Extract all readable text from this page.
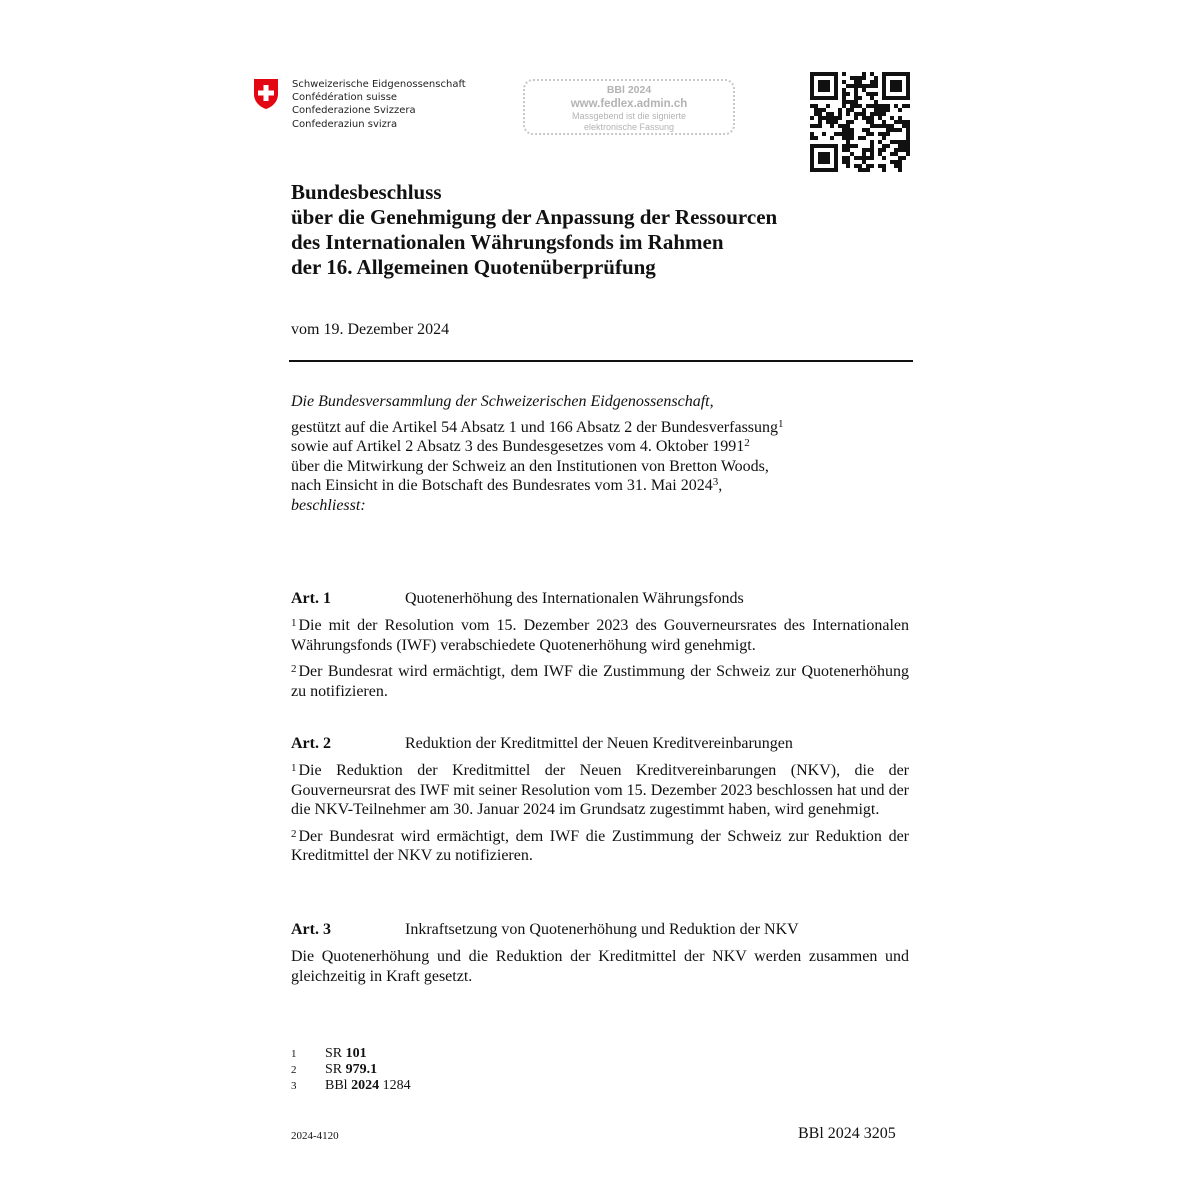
Schweizerische Eidgenossenschaft
Confédération suisse
Confederazione Svizzera
Confederaziun svizra
BBl 2024
www.fedlex.admin.ch
Massgebend ist die signierte
elektronische Fassung
Bundesbeschluss
über die Genehmigung der Anpassung der Ressourcen
des Internationalen Währungsfonds im Rahmen
der 16. Allgemeinen Quotenüberprüfung
vom 19. Dezember 2024
Die Bundesversammlung der Schweizerischen Eidgenossenschaft,
gestützt auf die Artikel 54 Absatz 1 und 166 Absatz 2 der Bundesverfassung$^1$
sowie auf Artikel 2 Absatz 3 des Bundesgesetzes vom 4. Oktober 1991$^2$
über die Mitwirkung der Schweiz an den Institutionen von Bretton Woods,
nach Einsicht in die Botschaft des Bundesrates vom 31. Mai 2024$^3$,
beschliesst:
Art. 1	Quotenerhöhung des Internationalen Währungsfonds
$^1$ Die mit der Resolution vom 15. Dezember 2023 des Gouverneursrates des Internationalen Währungsfonds (IWF) verabschiedete Quotenerhöhung wird genehmigt.
$^2$ Der Bundesrat wird ermächtigt, dem IWF die Zustimmung der Schweiz zur Quotenerhöhung zu notifizieren.
Art. 2	Reduktion der Kreditmittel der Neuen Kreditvereinbarungen
$^1$ Die Reduktion der Kreditmittel der Neuen Kreditvereinbarungen (NKV), die der Gouverneursrat des IWF mit seiner Resolution vom 15. Dezember 2023 beschlossen hat und der die NKV-Teilnehmer am 30. Januar 2024 im Grundsatz zugestimmt haben, wird genehmigt.
$^2$ Der Bundesrat wird ermächtigt, dem IWF die Zustimmung der Schweiz zur Reduktion der Kreditmittel der NKV zu notifizieren.
Art. 3	Inkraftsetzung von Quotenerhöhung und Reduktion der NKV
Die Quotenerhöhung und die Reduktion der Kreditmittel der NKV werden zusammen und gleichzeitig in Kraft gesetzt.
1	SR 101
2	SR 979.1
3	BBl 2024 1284
2024-4120	BBl 2024 3205
